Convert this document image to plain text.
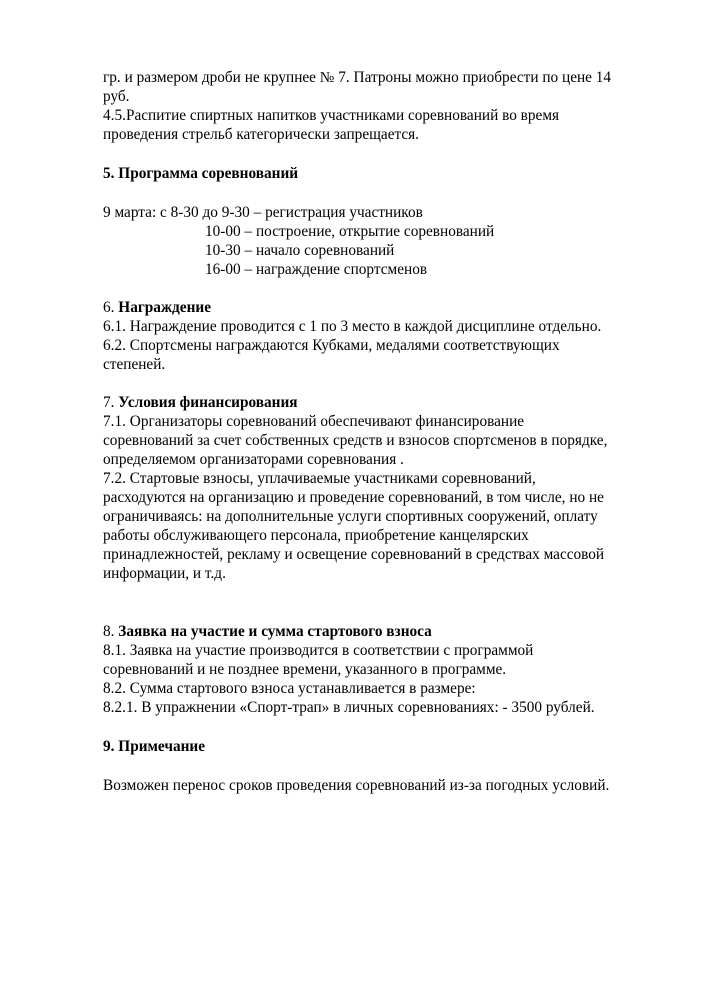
гр. и размером дроби не крупнее № 7. Патроны можно приобрести по цене 14
руб.
4.5.Распитие спиртных напитков участниками соревнований во время
проведения стрельб категорически запрещается.
5. Программа соревнований
9 марта: с 8-30 до 9-30 – регистрация участников
10-00 – построение, открытие соревнований
10-30 – начало соревнований
16-00 – награждение спортсменов
6. Награждение
6.1. Награждение проводится с 1 по 3 место в каждой дисциплине отдельно.
6.2. Спортсмены награждаются Кубками, медалями соответствующих
степеней.
7. Условия финансирования
7.1. Организаторы соревнований обеспечивают финансирование
соревнований за счет собственных средств и взносов спортсменов в порядке,
определяемом организаторами соревнования .
7.2. Стартовые взносы, уплачиваемые участниками соревнований,
расходуются на организацию и проведение соревнований, в том числе, но не
ограничиваясь: на дополнительные услуги спортивных сооружений, оплату
работы обслуживающего персонала, приобретение канцелярских
принадлежностей, рекламу и освещение соревнований в средствах массовой
информации, и т.д.
8. Заявка на участие и сумма стартового взноса
8.1. Заявка на участие производится в соответствии с программой
соревнований и не позднее времени, указанного в программе.
8.2. Сумма стартового взноса устанавливается в размере:
8.2.1. В упражнении «Спорт-трап» в личных соревнованиях: - 3500 рублей.
9. Примечание
Возможен перенос сроков проведения соревнований из-за погодных условий.
